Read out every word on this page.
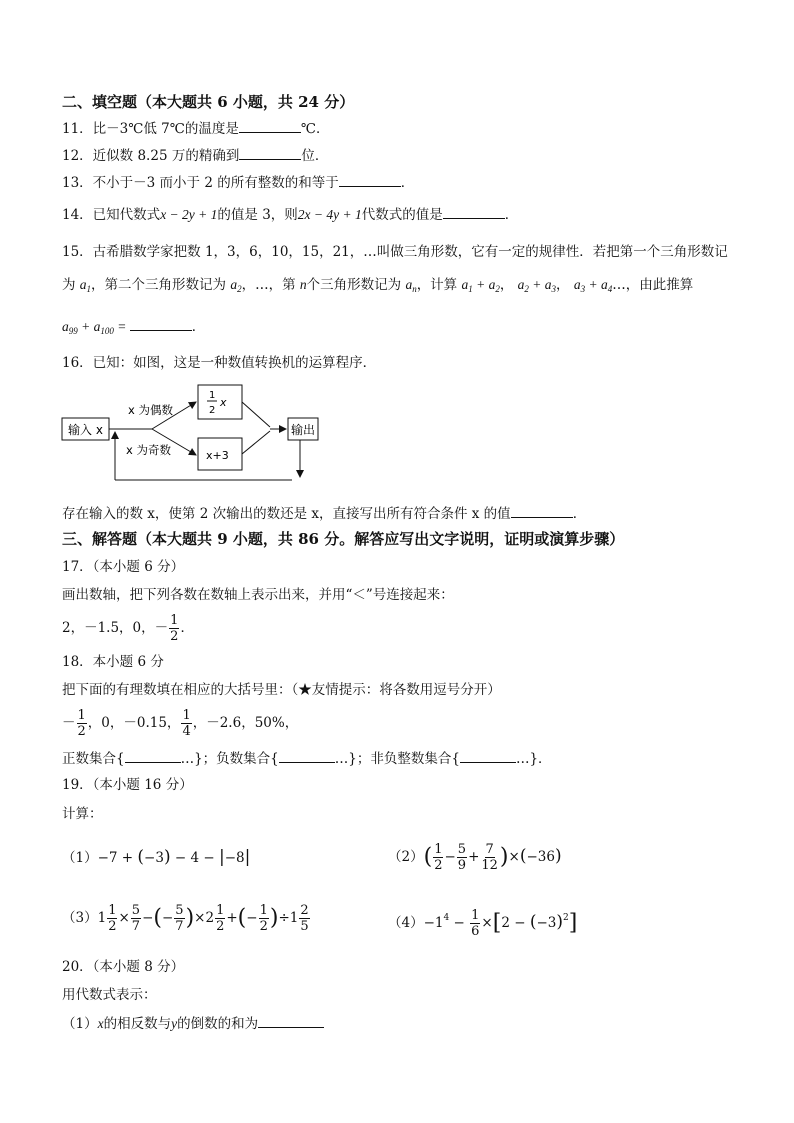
二、填空题（本大题共 6 小题，共 24 分）
11．比－3℃低 7℃的温度是	℃．
12．近似数 8.25 万的精确到	位．
13．不小于－3 而小于 2 的所有整数的和等于	．
14．已知代数式x − 2y + 1的值是 3，则2x − 4y + 1代数式的值是	．
15．古希腊数学家把数 1，3，6，10，15，21，…叫做三角形数，它有一定的规律性．若把第一个三角形数记
为 $a_1$，第二个三角形数记为 $a_2$，…，第 n个三角形数记为 $a_n$，计算 $a_1 + a_2$， $a_2 + a_3$， $a_3$ + $a_4\dots$，由此推算
$a_{99} + a_{100}$ =	．
16．已知：如图，这是一种数值转换机的运算程序．
输入 x
x 为偶数
x 为奇数
1
2
x
x+3
输出
存在输入的数 x，使第 2 次输出的数还是 x，直接写出所有符合条件 x 的值	．
三、解答题（本大题共 9 小题，共 86 分。解答应写出文字说明，证明或演算步骤）
17．（本小题 6 分）
画出数轴，把下列各数在数轴上表示出来，并用“＜”号连接起来：
2，－1.5，0，－ $\frac{1}{2}$ ．
18．本小题 6 分
把下面的有理数填在相应的大括号里：（★友情提示：将各数用逗号分开）
－ $\frac{1}{2}$ ，0，－0.15， $\frac{1}{4}$ ，－2.6，50%，
正数集合{	…}；负数集合{	…}；非负整数集合{	…}．
19．（本小题 16 分）
计算：
（1）−7 + (−3) − 4 − |−8|	$(2)( \frac{1}{2} - \frac{5}{9} + \frac{7}{12} )\times(-36)$
$(3)1 \frac{1}{2} \times \frac{5}{7}$ −(− $\frac{5}{7} )\times 2 \frac{1}{2}$ +(− $\frac{1}{2} )\div 1 \frac{2}{5}$	$(4)-1^4 - \frac{1}{6} \times[2 - (-3)^2]$
20．（本小题 8 分）
用代数式表示：
（1）x的相反数与y的倒数的和为
